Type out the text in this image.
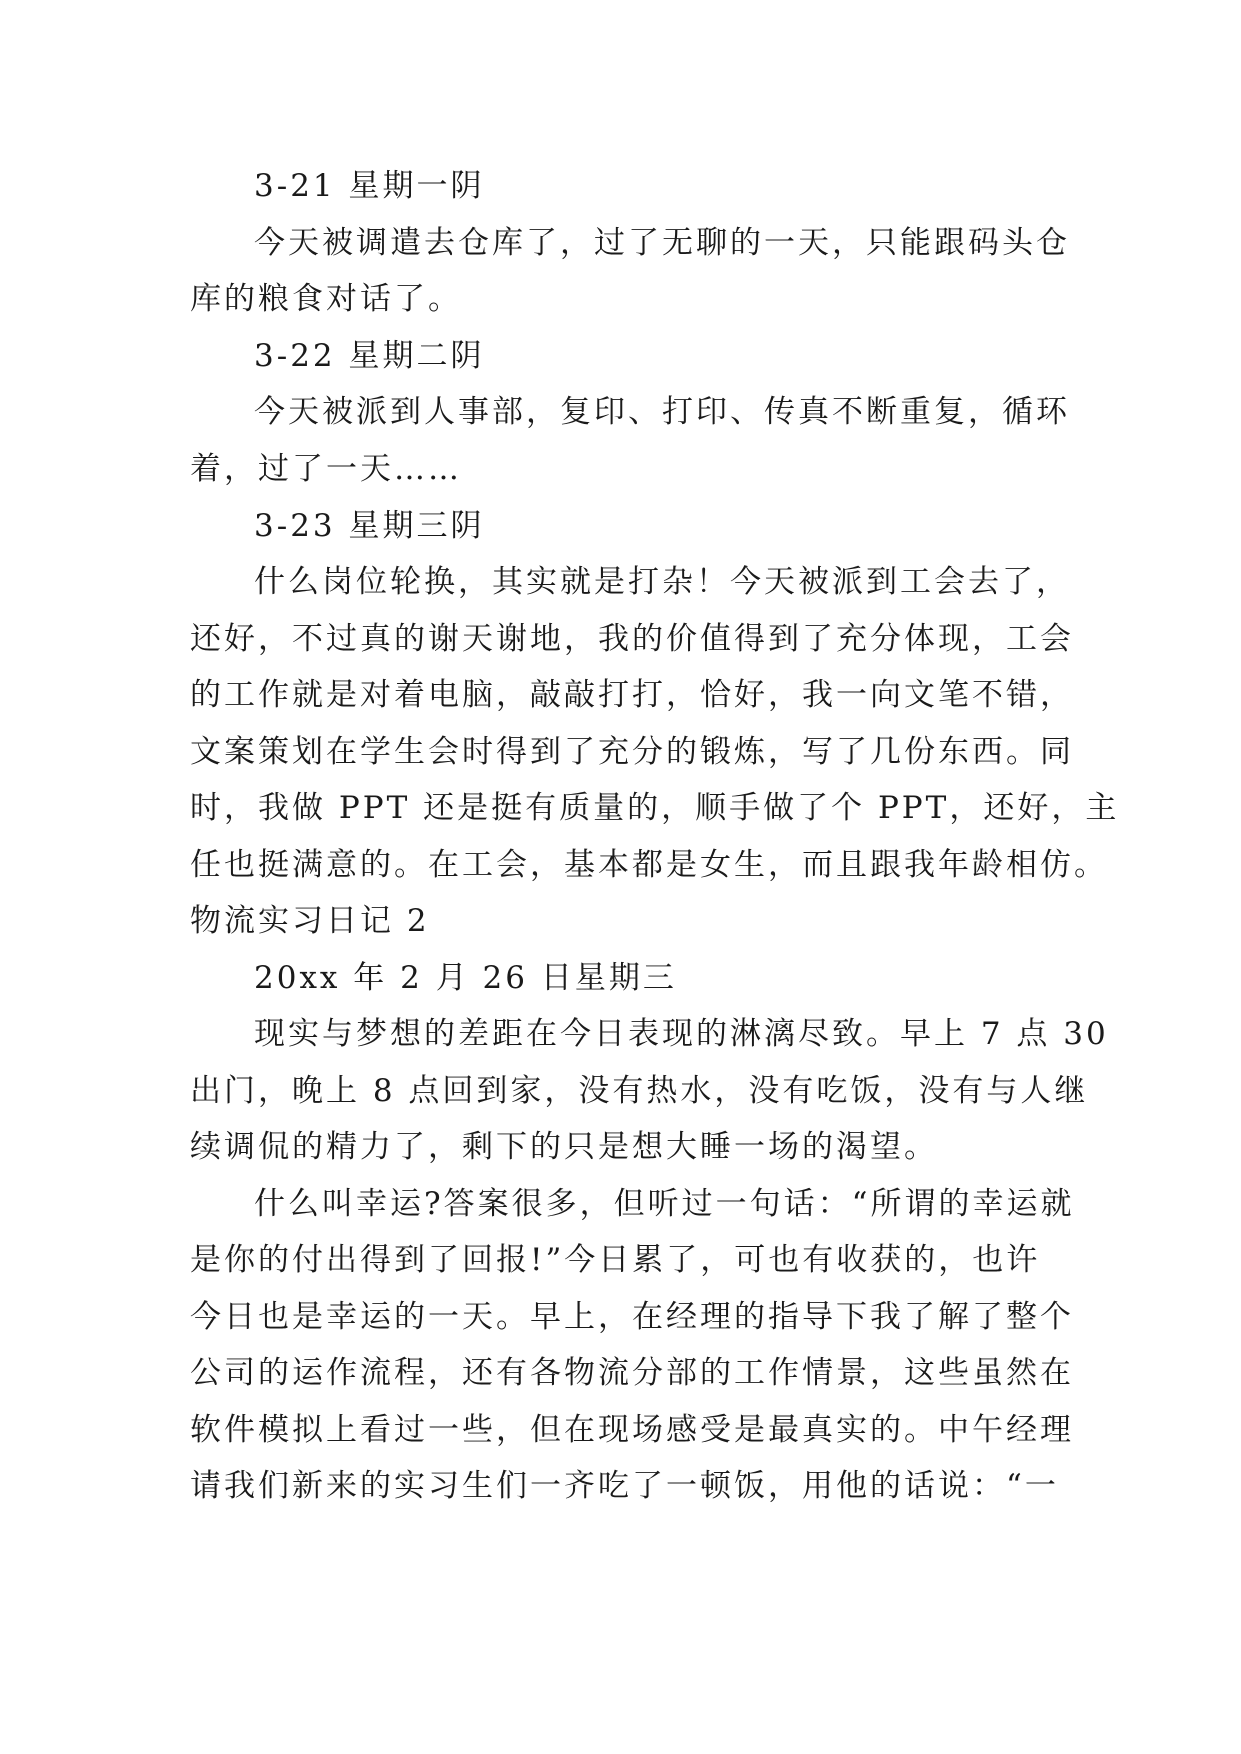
3-21 星期一阴
今天被调遣去仓库了，过了无聊的一天，只能跟码头仓
库的粮食对话了。
3-22 星期二阴
今天被派到人事部，复印、打印、传真不断重复，循环
着，过了一天……
3-23 星期三阴
什么岗位轮换，其实就是打杂！今天被派到工会去了，
还好，不过真的谢天谢地，我的价值得到了充分体现，工会
的工作就是对着电脑，敲敲打打，恰好，我一向文笔不错，
文案策划在学生会时得到了充分的锻炼，写了几份东西。同
时，我做 PPT 还是挺有质量的，顺手做了个 PPT，还好，主
任也挺满意的。在工会，基本都是女生，而且跟我年龄相仿。
物流实习日记 2
20xx 年 2 月 26 日星期三
现实与梦想的差距在今日表现的淋漓尽致。早上 7 点 30
出门，晚上 8 点回到家，没有热水，没有吃饭，没有与人继
续调侃的精力了，剩下的只是想大睡一场的渴望。
什么叫幸运?答案很多，但听过一句话：“所谓的幸运就
是你的付出得到了回报!”今日累了，可也有收获的，也许
今日也是幸运的一天。早上，在经理的指导下我了解了整个
公司的运作流程，还有各物流分部的工作情景，这些虽然在
软件模拟上看过一些，但在现场感受是最真实的。中午经理
请我们新来的实习生们一齐吃了一顿饭，用他的话说：“一
